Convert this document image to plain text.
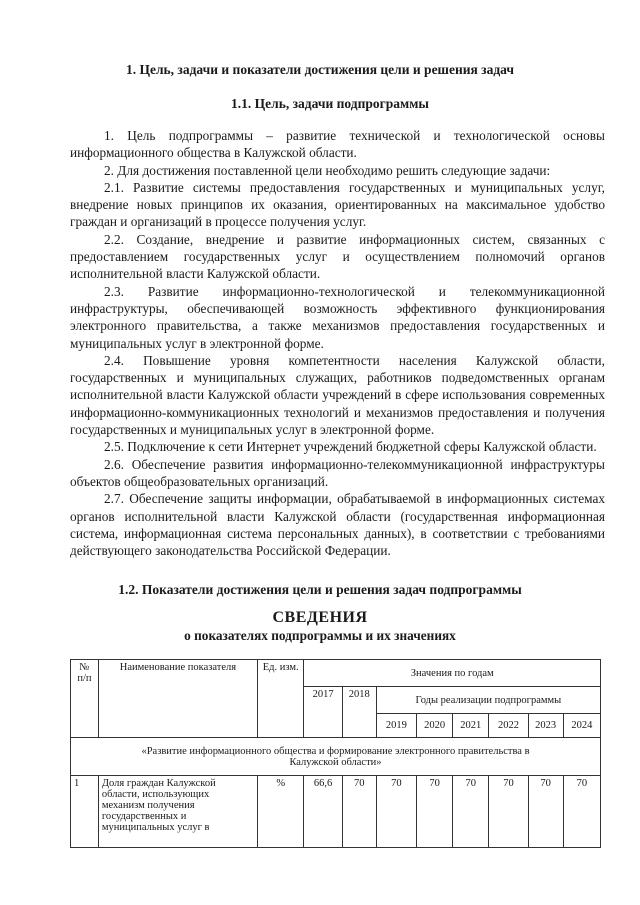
1. Цель, задачи и показатели достижения цели и решения задач
1.1. Цель, задачи подпрограммы

1. Цель подпрограммы – развитие технической и технологической основы информационного общества в Калужской области.

2. Для достижения поставленной цели необходимо решить следующие задачи:

2.1. Развитие системы предоставления государственных и муниципальных услуг, внедрение новых принципов их оказания, ориентированных на максимальное удобство граждан и организаций в процессе получения услуг.

2.2. Создание, внедрение и развитие информационных систем, связанных с предоставлением государственных услуг и осуществлением полномочий органов исполнительной власти Калужской области.

2.3. Развитие информационно-технологической и телекоммуникационной инфраструктуры, обеспечивающей возможность эффективного функционирования электронного правительства, а также механизмов предоставления государственных и муниципальных услуг в электронной форме.

2.4. Повышение уровня компетентности населения Калужской области, государственных и муниципальных служащих, работников подведомственных органам исполнительной власти Калужской области учреждений в сфере использования современных информационно-коммуникационных технологий и механизмов предоставления и получения государственных и муниципальных услуг в электронной форме.

2.5. Подключение к сети Интернет учреждений бюджетной сферы Калужской области.

2.6. Обеспечение развития информационно-телекоммуникационной инфраструктуры объектов общеобразовательных организаций.

2.7. Обеспечение защиты информации, обрабатываемой в информационных системах органов исполнительной власти Калужской области (государственная информационная система, информационная система персональных данных), в соответствии с требованиями действующего законодательства Российской Федерации.

1.2. Показатели достижения цели и решения задач подпрограммы
СВЕДЕНИЯ
о показателях подпрограммы и их значениях
№ п/п	Наименование показателя	Ед. изм.	Значения по годам							
			2017	2018	Годы реализации подпрограммы					
					2019	2020	2021	2022	2023	2024
«Развитие информационного общества и формирование электронного правительства в Калужской области»										
1	Доля граждан Калужской области, использующих механизм получения государственных и муниципальных услуг в	%	66,6	70	70	70	70	70	70	70
